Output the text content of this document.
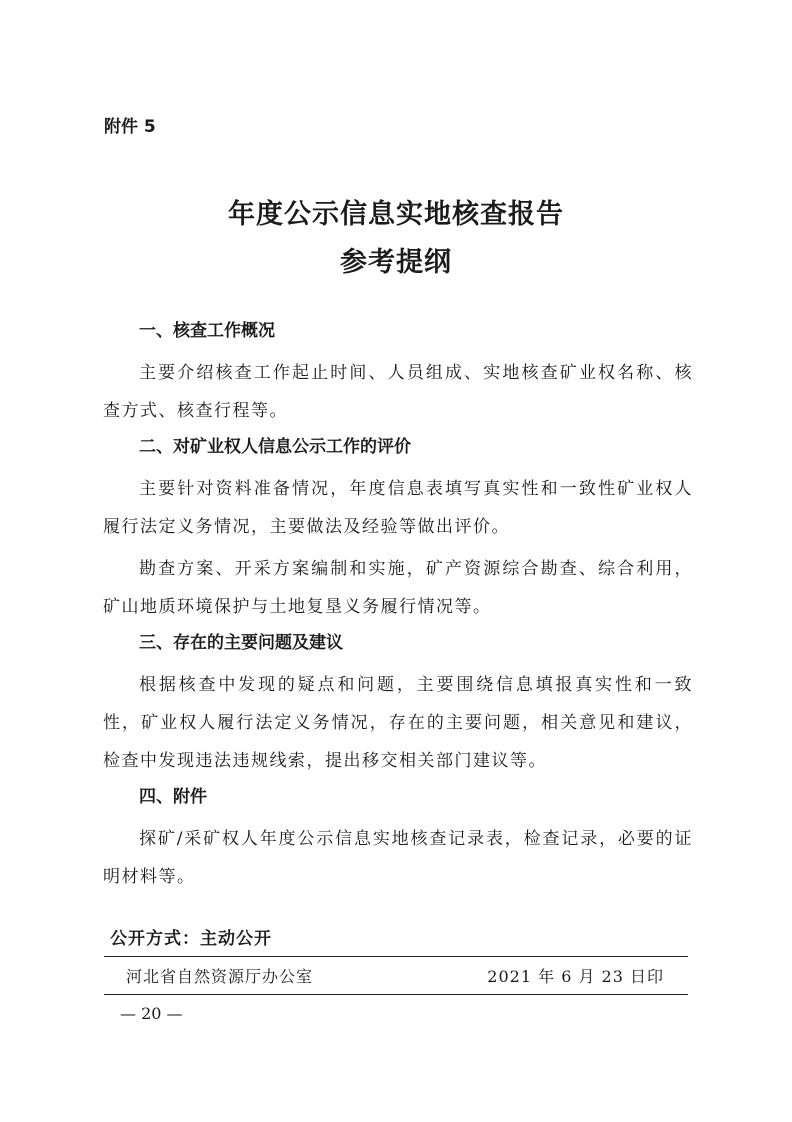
附件 5
年度公示信息实地核查报告
参考提纲
一、核查工作概况

主要介绍核查工作起止时间、人员组成、实地核查矿业权名称、核查方式、核查行程等。

二、对矿业权人信息公示工作的评价

主要针对资料准备情况，年度信息表填写真实性和一致性矿业权人履行法定义务情况，主要做法及经验等做出评价。

勘查方案、开采方案编制和实施，矿产资源综合勘查、综合利用，矿山地质环境保护与土地复垦义务履行情况等。

三、存在的主要问题及建议

根据核查中发现的疑点和问题，主要围绕信息填报真实性和一致性，矿业权人履行法定义务情况，存在的主要问题，相关意见和建议，检查中发现违法违规线索，提出移交相关部门建议等。

四、附件

探矿/采矿权人年度公示信息实地核查记录表，检查记录，必要的证明材料等。

公开方式：主动公开
河北省自然资源厅办公室	2021 年 6 月 23 日印
— 20 —
